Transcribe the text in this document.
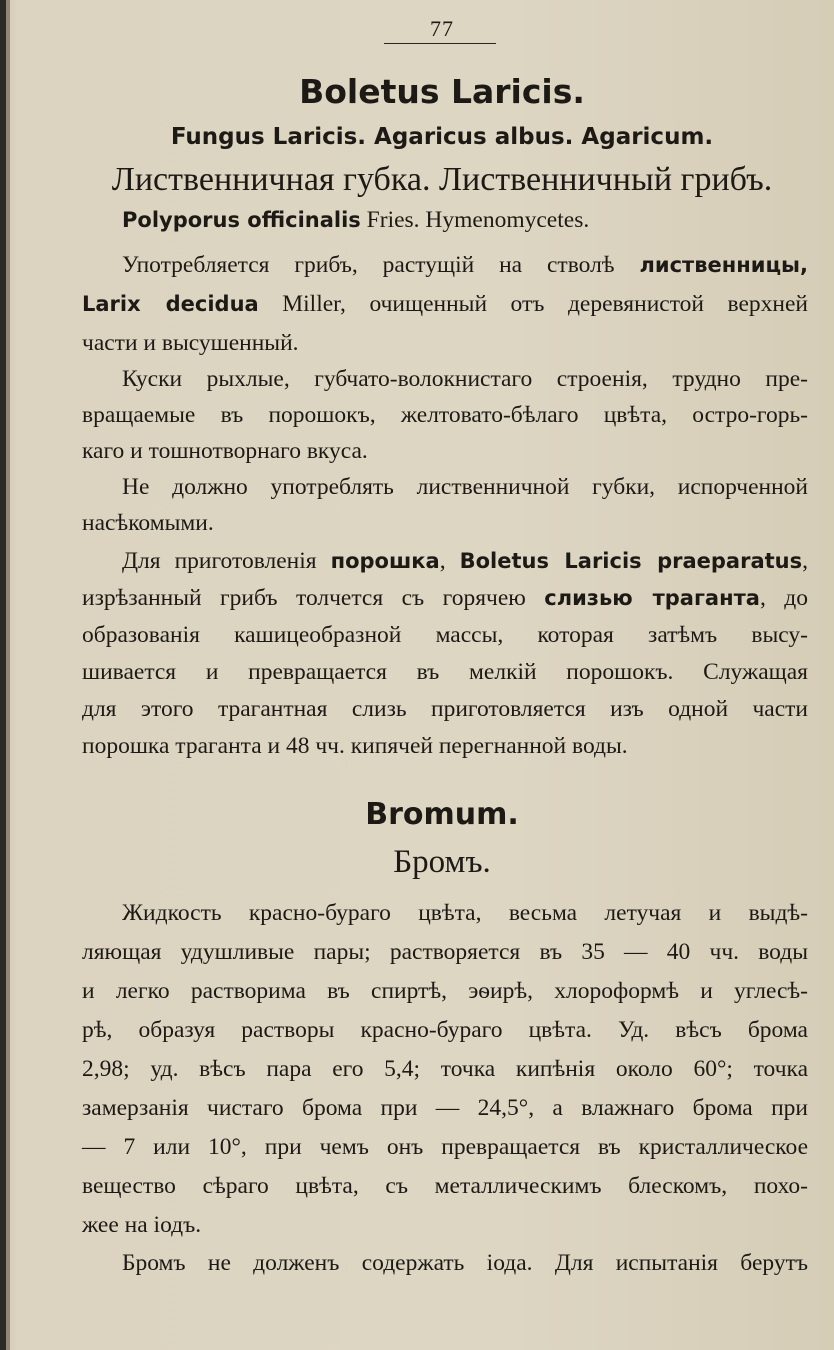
77
Boletus Laricis.
Fungus Laricis. Agaricus albus. Agaricum.
Лиственничная губка. Лиственничный грибъ.
Polyporus officinalis Fries. Hymenomycetes.
Употребляется грибъ, растущій на стволѣ лиственницы,
Larix decidua Miller, очищенный отъ деревянистой верхней
части и высушенный.
Куски рыхлые, губчато-волокнистаго строенія, трудно пре-
вращаемые въ порошокъ, желтовато-бѣлаго цвѣта, остро-горь-
каго и тошнотворнаго вкуса.
Не должно употреблять лиственничной губки, испорченной
насѣкомыми.
Для приготовленія порошка, Boletus Laricis praeparatus,
изрѣзанный грибъ толчется съ горячею слизью траганта, до
образованія кашицеобразной массы, которая затѣмъ высу-
шивается и превращается въ мелкій порошокъ. Служащая
для этого трагантная слизь приготовляется изъ одной части
порошка траганта и 48 чч. кипячей перегнанной воды.
Bromum.
Бромъ.
Жидкость красно-бураго цвѣта, весьма летучая и выдѣ-
ляющая удушливые пары; растворяется въ 35 — 40 чч. воды
и легко растворима въ спиртѣ, эѳирѣ, хлороформѣ и углесѣ-
рѣ, образуя растворы красно-бураго цвѣта. Уд. вѣсъ брома
2,98; уд. вѣсъ пара его 5,4; точка кипѣнія около 60°; точка
замерзанія чистаго брома при — 24,5°, а влажнаго брома при
— 7 или 10°, при чемъ онъ превращается въ кристаллическое
вещество сѣраго цвѣта, съ металлическимъ блескомъ, похо-
жее на іодъ.
Бромъ не долженъ содержать іода. Для испытанія берутъ
